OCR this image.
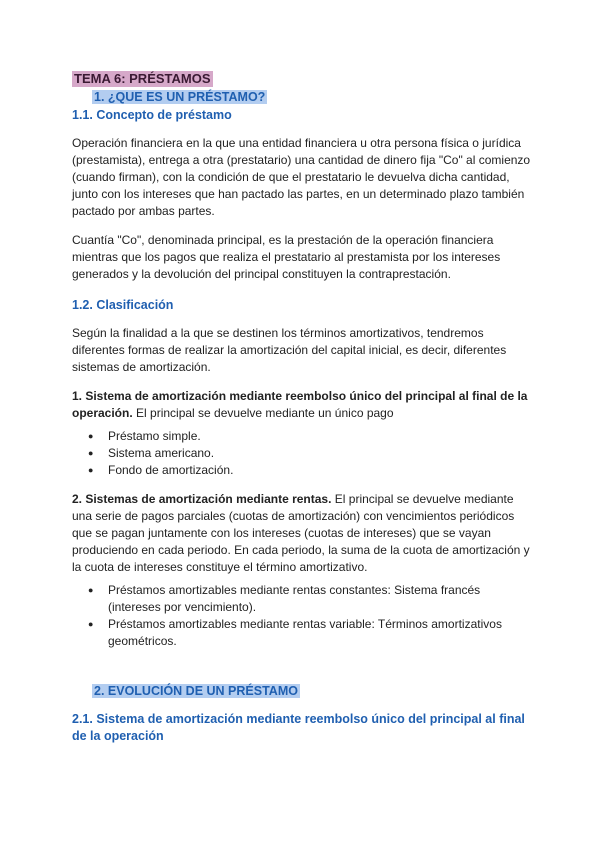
TEMA 6: PRÉSTAMOS
1. ¿QUE ES UN PRÉSTAMO?
1.1. Concepto de préstamo

Operación financiera en la que una entidad financiera u otra persona física o jurídica (prestamista), entrega a otra (prestatario) una cantidad de dinero fija "Co" al comienzo (cuando firman), con la condición de que el prestatario le devuelva dicha cantidad, junto con los intereses que han pactado las partes, en un determinado plazo también pactado por ambas partes.

Cuantía "Co", denominada principal, es la prestación de la operación financiera mientras que los pagos que realiza el prestatario al prestamista por los intereses generados y la devolución del principal constituyen la contraprestación.

1.2. Clasificación

Según la finalidad a la que se destinen los términos amortizativos, tendremos diferentes formas de realizar la amortización del capital inicial, es decir, diferentes sistemas de amortización.

1. Sistema de amortización mediante reembolso único del principal al final de la operación. El principal se devuelve mediante un único pago

● Préstamo simple.
● Sistema americano.
● Fondo de amortización.

2. Sistemas de amortización mediante rentas. El principal se devuelve mediante una serie de pagos parciales (cuotas de amortización) con vencimientos periódicos que se pagan juntamente con los intereses (cuotas de intereses) que se vayan produciendo en cada periodo. En cada periodo, la suma de la cuota de amortización y la cuota de intereses constituye el término amortizativo.

● Préstamos amortizables mediante rentas constantes: Sistema francés (intereses por vencimiento).
● Préstamos amortizables mediante rentas variable: Términos amortizativos geométricos.
2. EVOLUCIÓN DE UN PRÉSTAMO
2.1. Sistema de amortización mediante reembolso único del principal al final de la operación
